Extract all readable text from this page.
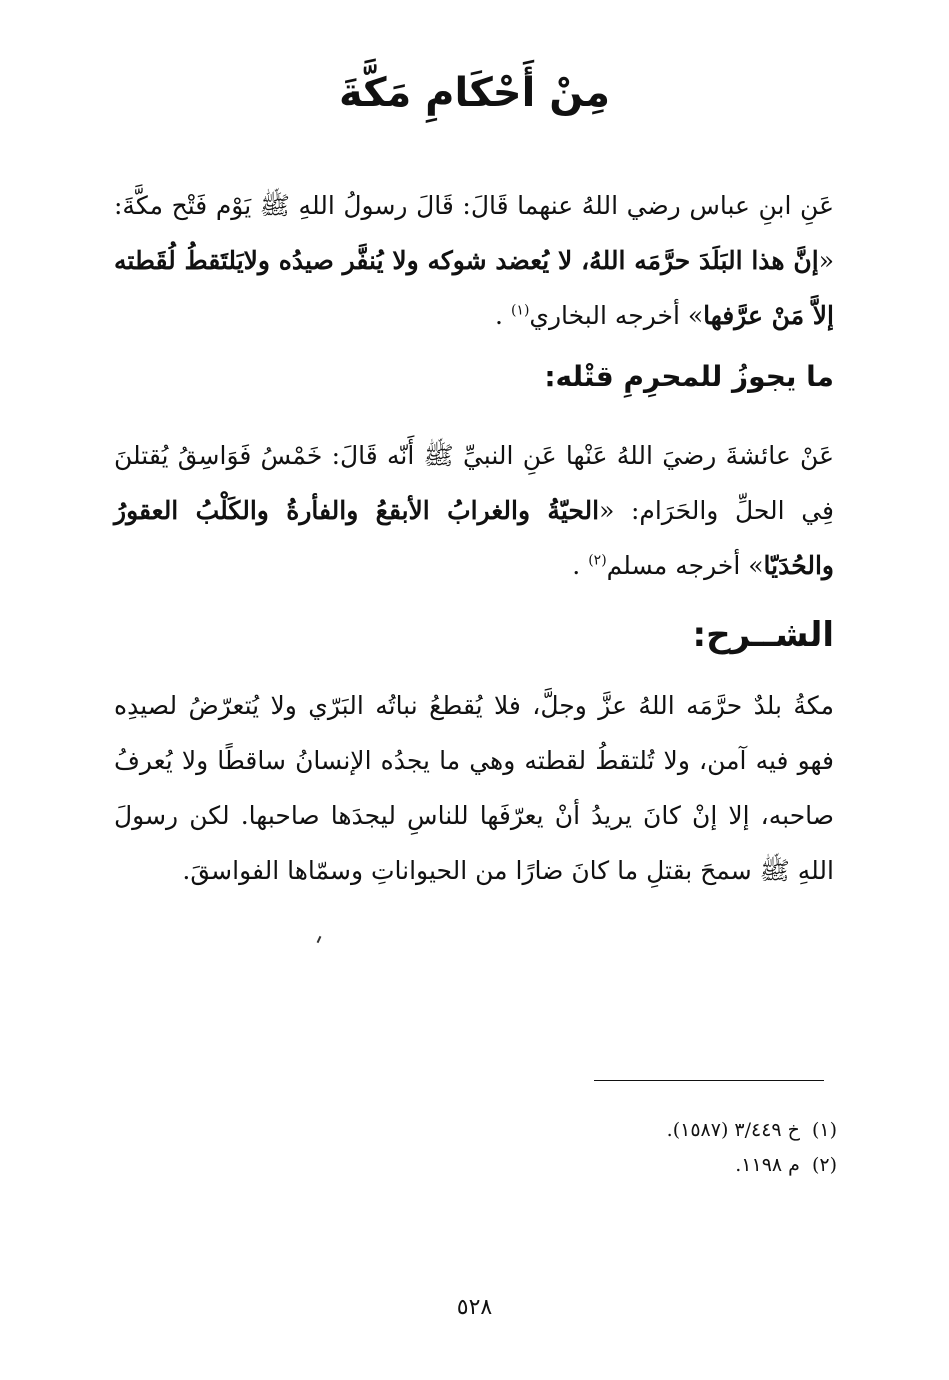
مِنْ أَحْكَامِ مَكَّةَ
عَنِ ابنِ عباس رضي اللهُ عنهما قَالَ: قَالَ رسولُ اللهِ ﷺ يَوْم فَتْح مكَّةَ: «إنَّ هذا البَلَدَ حرَّمَه اللهُ، لا يُعضد شوكه ولا يُنفَّر صيدُه ولايَلتَقطُ لُقَطته إلاَّ مَنْ عرَّفها» أخرجه البخاري$^{(١)}$ .
ما يجوزُ للمحرِمِ قتْله:
عَنْ عائشةَ رضيَ اللهُ عَنْها عَنِ النبيِّ ﷺ أَنّه قَالَ: خَمْسُ فَوَاسِقُ يُقتلنَ فِي الحلِّ والحَرَام: «الحيّةُ والغرابُ الأبقعُ والفأرةُ والكَلْبُ العقورُ والحُدَيّا» أخرجه مسلم$^{(٢)}$ .
الشــرح:
مكةُ بلدٌ حرَّمَه اللهُ عزَّ وجلَّ، فلا يُقطعُ نباتُه البَرّي ولا يُتعرّضُ لصيدِه فهو فيه آمن، ولا تُلتقطُ لقطته وهي ما يجدُه الإنسانُ ساقطًا ولا يُعرفُ صاحبه، إلا إنْ كانَ يريدُ أنْ يعرّفَها للناسِ ليجدَها صاحبها. لكن رسولَ اللهِ ﷺ سمحَ بقتلِ ما كانَ ضارًا من الحيواناتِ وسمّاها الفواسقَ.
(١)خ ٣/٤٤٩ (١٥٨٧).
(٢)م ١١٩٨.
٥٢٨
